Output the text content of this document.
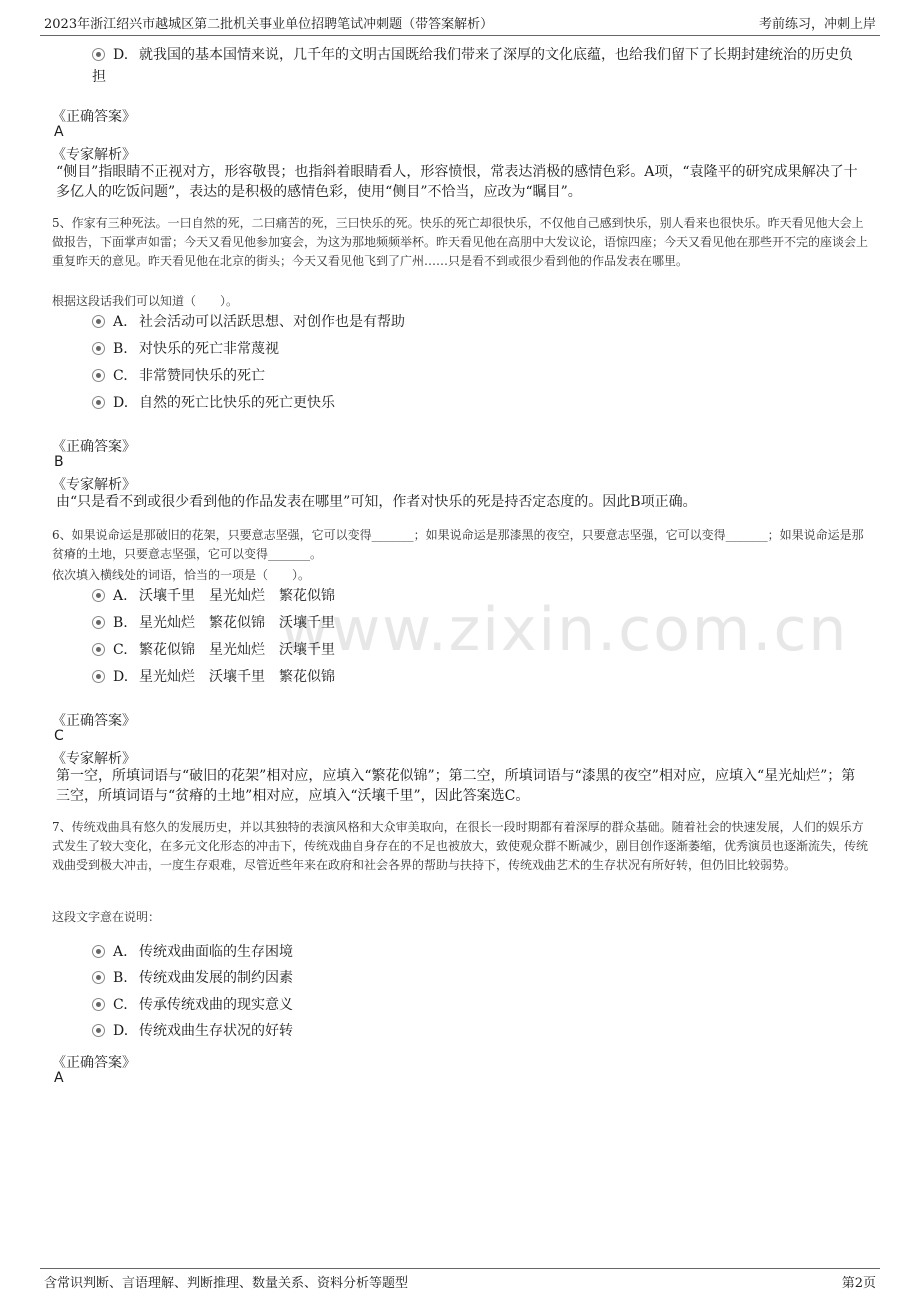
2023年浙江绍兴市越城区第二批机关事业单位招聘笔试冲刺题（带答案解析）	考前练习，冲刺上岸
www.zixin.com.cn
D. 就我国的基本国情来说，几千年的文明古国既给我们带来了深厚的文化底蕴，也给我们留下了长期封建统治的历史负担
《正确答案》
A
《专家解析》
“侧目”指眼睛不正视对方，形容敬畏；也指斜着眼睛看人，形容愤恨，常表达消极的感情色彩。A项，“袁隆平的研究成果解决了十多亿人的吃饭问题”，表达的是积极的感情色彩，使用“侧目”不恰当，应改为“瞩目”。
5、作家有三种死法。一曰自然的死，二曰痛苦的死，三曰快乐的死。快乐的死亡却很快乐，不仅他自己感到快乐，别人看来也很快乐。昨天看见他大会上做报告，下面掌声如雷；今天又看见他参加宴会，为这为那地频频举杯。昨天看见他在高朋中大发议论，语惊四座；今天又看见他在那些开不完的座谈会上重复昨天的意见。昨天看见他在北京的街头；今天又看见他飞到了广州……只是看不到或很少看到他的作品发表在哪里。
根据这段话我们可以知道（　　）。
A. 社会活动可以活跃思想、对创作也是有帮助
B. 对快乐的死亡非常蔑视
C. 非常赞同快乐的死亡
D. 自然的死亡比快乐的死亡更快乐
《正确答案》
B
《专家解析》
由“只是看不到或很少看到他的作品发表在哪里”可知，作者对快乐的死是持否定态度的。因此B项正确。
6、如果说命运是那破旧的花架，只要意志坚强，它可以变得_______；如果说命运是那漆黑的夜空，只要意志坚强，它可以变得_______；如果说命运是那贫瘠的土地，只要意志坚强，它可以变得_______。
依次填入横线处的词语，恰当的一项是（　　）。
A. 沃壤千里　星光灿烂　繁花似锦
B. 星光灿烂　繁花似锦　沃壤千里
C. 繁花似锦　星光灿烂　沃壤千里
D. 星光灿烂　沃壤千里　繁花似锦
《正确答案》
C
《专家解析》
第一空，所填词语与“破旧的花架”相对应，应填入“繁花似锦”；第二空，所填词语与“漆黑的夜空”相对应，应填入“星光灿烂”；第三空，所填词语与“贫瘠的土地”相对应，应填入“沃壤千里”，因此答案选C。
7、传统戏曲具有悠久的发展历史，并以其独特的表演风格和大众审美取向，在很长一段时期都有着深厚的群众基础。随着社会的快速发展，人们的娱乐方式发生了较大变化，在多元文化形态的冲击下，传统戏曲自身存在的不足也被放大，致使观众群不断减少，剧目创作逐渐萎缩，优秀演员也逐渐流失，传统戏曲受到极大冲击，一度生存艰难，尽管近些年来在政府和社会各界的帮助与扶持下，传统戏曲艺术的生存状况有所好转，但仍旧比较弱势。
这段文字意在说明：
A. 传统戏曲面临的生存困境
B. 传统戏曲发展的制约因素
C. 传承传统戏曲的现实意义
D. 传统戏曲生存状况的好转
《正确答案》
A
含常识判断、言语理解、判断推理、数量关系、资料分析等题型	第2页
